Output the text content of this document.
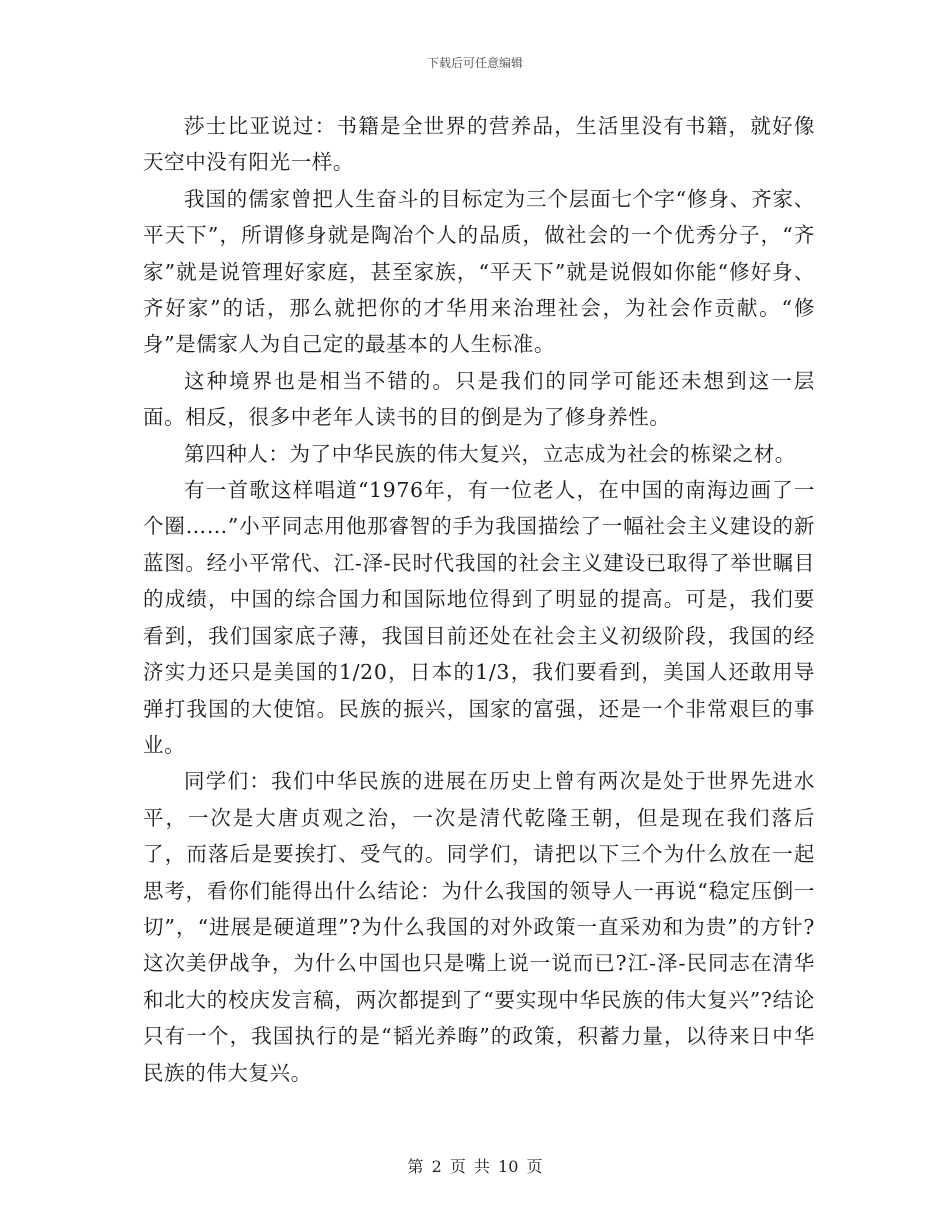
下载后可任意编辑

莎士比亚说过：书籍是全世界的营养品，生活里没有书籍，就好像天空中没有阳光一样。

我国的儒家曾把人生奋斗的目标定为三个层面七个字“修身、齐家、平天下”，所谓修身就是陶冶个人的品质，做社会的一个优秀分子，“齐家”就是说管理好家庭，甚至家族，“平天下”就是说假如你能“修好身、齐好家”的话，那么就把你的才华用来治理社会，为社会作贡献。“修身”是儒家人为自己定的最基本的人生标准。

这种境界也是相当不错的。只是我们的同学可能还未想到这一层面。相反，很多中老年人读书的目的倒是为了修身养性。

第四种人：为了中华民族的伟大复兴，立志成为社会的栋梁之材。

有一首歌这样唱道“1976年，有一位老人，在中国的南海边画了一个圈……”小平同志用他那睿智的手为我国描绘了一幅社会主义建设的新蓝图。经小平常代、江-泽-民时代我国的社会主义建设已取得了举世瞩目的成绩，中国的综合国力和国际地位得到了明显的提高。可是，我们要看到，我们国家底子薄，我国目前还处在社会主义初级阶段，我国的经济实力还只是美国的1/20，日本的1/3，我们要看到，美国人还敢用导弹打我国的大使馆。民族的振兴，国家的富强，还是一个非常艰巨的事业。

同学们：我们中华民族的进展在历史上曾有两次是处于世界先进水平，一次是大唐贞观之治，一次是清代乾隆王朝，但是现在我们落后了，而落后是要挨打、受气的。同学们，请把以下三个为什么放在一起思考，看你们能得出什么结论：为什么我国的领导人一再说“稳定压倒一切”，“进展是硬道理”?为什么我国的对外政策一直采劝和为贵”的方针?这次美伊战争，为什么中国也只是嘴上说一说而已?江-泽-民同志在清华和北大的校庆发言稿，两次都提到了“要实现中华民族的伟大复兴”?结论只有一个，我国执行的是“韬光养晦”的政策，积蓄力量，以待来日中华民族的伟大复兴。

第 2 页 共 10 页
